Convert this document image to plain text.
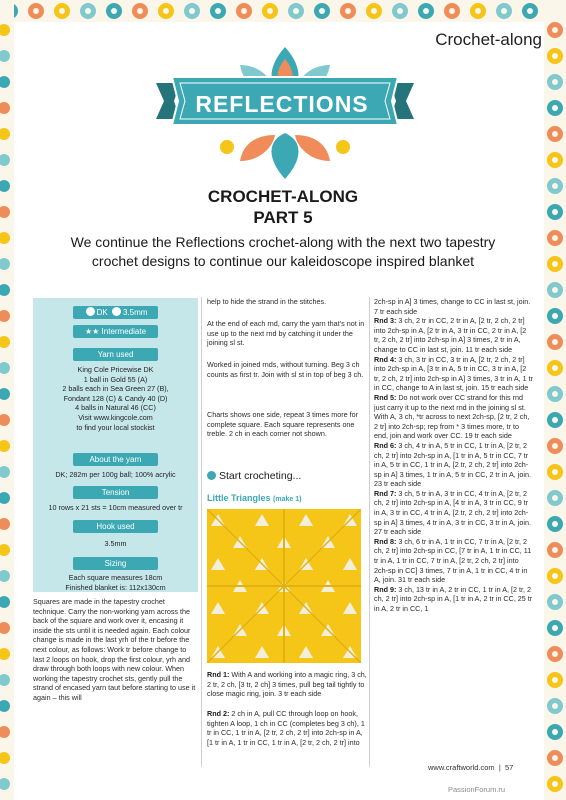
Crochet-along
REFLECTIONS
CROCHET-ALONG
PART 5
We continue the Reflections crochet-along with the next two tapestry crochet designs to continue our kaleidoscope inspired blanket
DK 3.5mm
★★ Intermediate
Yarn used
King Cole Pricewise DK
1 ball in Gold 55 (A)
2 balls each in Sea Green 27 (B),
Fondant 128 (C) & Candy 40 (D)
4 balls in Natural 46 (CC)
Visit www.kingcole.com
to find your local stockist
About the yarn
DK; 282m per 100g ball; 100% acrylic
Tension
10 rows x 21 sts = 10cm measured over tr
Hook used
3.5mm
Sizing
Each square measures 18cm
Finished blanket is: 112x130cm
Squares are made in the tapestry crochet technique. Carry the non-working yarn across the back of the square and work over it, encasing it inside the sts until it is needed again. Each colour change is made in the last yrh of the tr before the next colour, as follows: Work tr before change to last 2 loops on hook, drop the first colour, yrh and draw through both loops with new colour. When working the tapestry crochet sts, gently pull the strand of encased yarn taut before starting to use it again – this will
help to hide the strand in the stitches.
At the end of each rnd, carry the yarn that’s not in use up to the next rnd by catching it under the joining sl st.
Worked in joined rnds, without turning. Beg 3 ch counts as first tr. Join with sl st in top of beg 3 ch.
Charts shows one side, repeat 3 times more for complete square. Each square represents one treble. 2 ch in each corner not shown.
Start crocheting...
Little Triangles (make 1)
Rnd 1: With A and working into a magic ring, 3 ch, 2 tr, 2 ch, [3 tr, 2 ch] 3 times, pull beg tail tightly to close magic ring, join. 3 tr each side
Rnd 2: 2 ch in A, pull CC through loop on hook, tighten A loop, 1 ch in CC (completes beg 3 ch), 1 tr in CC, 1 tr in A, [2 tr, 2 ch, 2 tr] into 2ch-sp in A, [1 tr in A, 1 tr in CC, 1 tr in A, [2 tr, 2 ch, 2 tr] into
2ch-sp in A] 3 times, change to CC in last st, join. 7 tr each side
Rnd 3: 3 ch, 2 tr in CC, 2 tr in A, [2 tr, 2 ch, 2 tr] into 2ch-sp in A, [2 tr in A, 3 tr in CC, 2 tr in A, [2 tr, 2 ch, 2 tr] into 2ch-sp in A] 3 times, 2 tr in A, change to CC in last st, join. 11 tr each side
Rnd 4: 3 ch, 3 tr in CC, 3 tr in A, [2 tr, 2 ch, 2 tr] into 2ch-sp in A, [3 tr in A, 5 tr in CC, 3 tr in A, [2 tr, 2 ch, 2 tr] into 2ch-sp in A] 3 times, 3 tr in A, 1 tr in CC, change to A in last st, join. 15 tr each side
Rnd 5: Do not work over CC strand for this rnd just carry it up to the next rnd in the joining sl st. With A, 3 ch, *tr across to next 2ch-sp, [2 tr, 2 ch, 2 tr] into 2ch-sp; rep from * 3 times more, tr to end, join and work over CC. 19 tr each side
Rnd 6: 3 ch, 4 tr in A, 5 tr in CC, 1 tr in A, [2 tr, 2 ch, 2 tr] into 2ch-sp in A, [1 tr in A, 5 tr in CC, 7 tr in A, 5 tr in CC, 1 tr in A, [2 tr, 2 ch, 2 tr] into 2ch-sp in A] 3 times, 1 tr in A, 5 tr in CC, 2 tr in A, join. 23 tr each side
Rnd 7: 3 ch, 5 tr in A, 3 tr in CC, 4 tr in A, [2 tr, 2 ch, 2 tr] into 2ch-sp in A, [4 tr in A, 3 tr in CC, 9 tr in A, 3 tr in CC, 4 tr in A, [2 tr, 2 ch, 2 tr] into 2ch-sp in A] 3 times, 4 tr in A, 3 tr in CC, 3 tr in A, join. 27 tr each side
Rnd 8: 3 ch, 6 tr in A, 1 tr in CC, 7 tr in A, [2 tr, 2 ch, 2 tr] into 2ch-sp in CC, [7 tr in A, 1 tr in CC, 11 tr in A, 1 tr in CC, 7 tr in A, [2 tr, 2 ch, 2 tr] into 2ch-sp in CC] 3 times, 7 tr in A, 1 tr in CC, 4 tr in A, join. 31 tr each side
Rnd 9: 3 ch, 13 tr in A, 2 tr in CC, 1 tr in A, [2 tr, 2 ch, 2 tr] into 2ch-sp in A, [1 tr in A, 2 tr in CC, 25 tr in A, 2 tr in CC, 1
www.craftworld.com  |  57
PassionForum.ru
